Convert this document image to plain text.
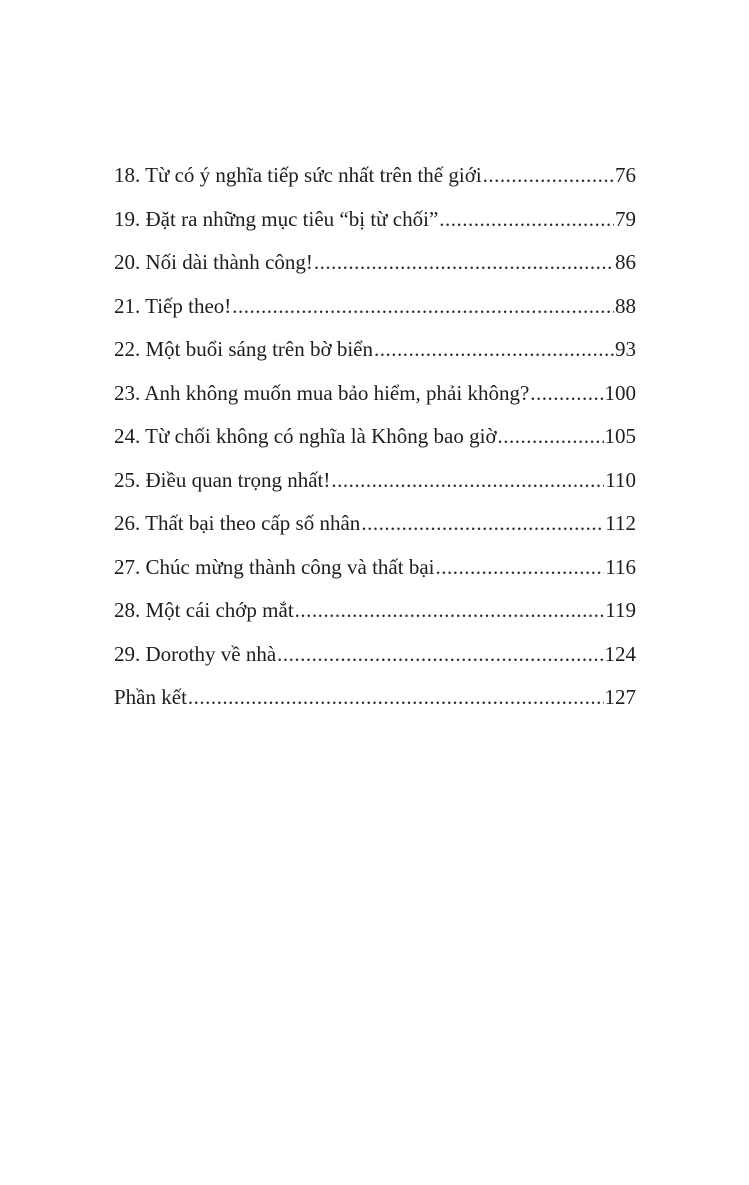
18. Từ có ý nghĩa tiếp sức nhất trên thế giới .....	76
19. Đặt ra những mục tiêu “bị từ chối” .....	79
20. Nối dài thành công! .....	86
21. Tiếp theo! .....	88
22. Một buổi sáng trên bờ biển .....	93
23. Anh không muốn mua bảo hiểm, phải không? .....	100
24. Từ chối không có nghĩa là Không bao giờ .....	105
25. Điều quan trọng nhất! .....	110
26. Thất bại theo cấp số nhân .....	112
27. Chúc mừng thành công và thất bại .....	116
28. Một cái chớp mắt .....	119
29. Dorothy về nhà .....	124
Phần kết .....	127
